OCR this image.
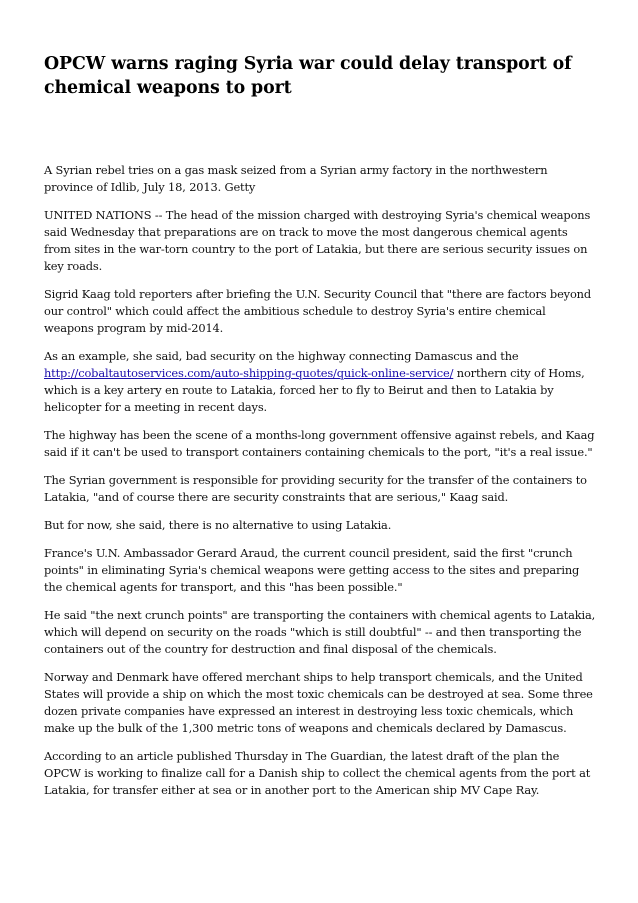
OPCW warns raging Syria war could delay transport of chemical weapons to port

A Syrian rebel tries on a gas mask seized from a Syrian army factory in the northwestern province of Idlib, July 18, 2013. Getty

UNITED NATIONS -- The head of the mission charged with destroying Syria's chemical weapons said Wednesday that preparations are on track to move the most dangerous chemical agents from sites in the war-torn country to the port of Latakia, but there are serious security issues on key roads.

Sigrid Kaag told reporters after briefing the U.N. Security Council that "there are factors beyond our control" which could affect the ambitious schedule to destroy Syria's entire chemical weapons program by mid-2014.

As an example, she said, bad security on the highway connecting Damascus and the http://cobaltautoservices.com/auto-shipping-quotes/quick-online-service/ northern city of Homs, which is a key artery en route to Latakia, forced her to fly to Beirut and then to Latakia by helicopter for a meeting in recent days.

The highway has been the scene of a months-long government offensive against rebels, and Kaag said if it can't be used to transport containers containing chemicals to the port, "it's a real issue."

The Syrian government is responsible for providing security for the transfer of the containers to Latakia, "and of course there are security constraints that are serious," Kaag said.

But for now, she said, there is no alternative to using Latakia.

France's U.N. Ambassador Gerard Araud, the current council president, said the first "crunch points" in eliminating Syria's chemical weapons were getting access to the sites and preparing the chemical agents for transport, and this "has been possible."

He said "the next crunch points" are transporting the containers with chemical agents to Latakia, which will depend on security on the roads "which is still doubtful" -- and then transporting the containers out of the country for destruction and final disposal of the chemicals.

Norway and Denmark have offered merchant ships to help transport chemicals, and the United States will provide a ship on which the most toxic chemicals can be destroyed at sea. Some three dozen private companies have expressed an interest in destroying less toxic chemicals, which make up the bulk of the 1,300 metric tons of weapons and chemicals declared by Damascus.

According to an article published Thursday in The Guardian, the latest draft of the plan the OPCW is working to finalize call for a Danish ship to collect the chemical agents from the port at Latakia, for transfer either at sea or in another port to the American ship MV Cape Ray.
